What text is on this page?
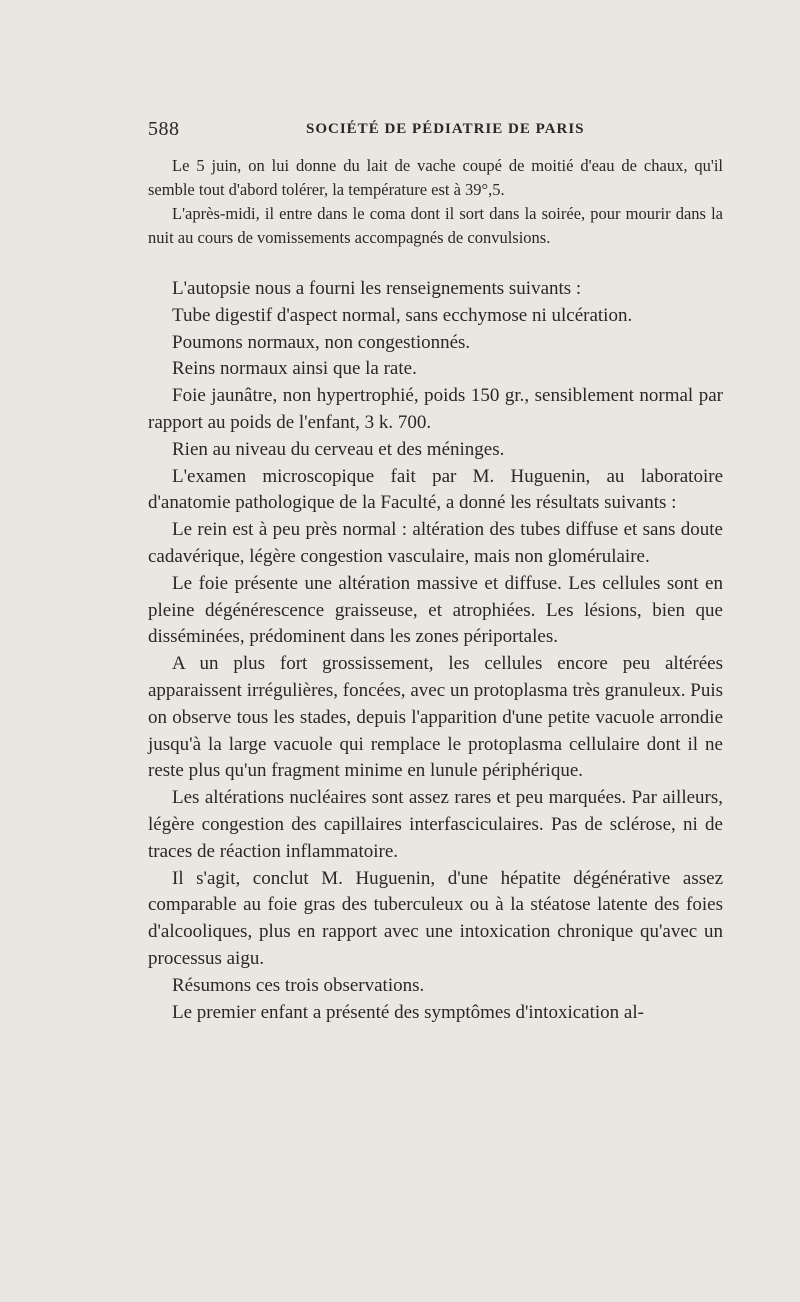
588	SOCIÉTÉ DE PÉDIATRIE DE PARIS

Le 5 juin, on lui donne du lait de vache coupé de moitié d'eau de chaux, qu'il semble tout d'abord tolérer, la température est à 39°,5.

L'après-midi, il entre dans le coma dont il sort dans la soirée, pour mourir dans la nuit au cours de vomissements accompagnés de convulsions.

L'autopsie nous a fourni les renseignements suivants :

Tube digestif d'aspect normal, sans ecchymose ni ulcération.

Poumons normaux, non congestionnés.

Reins normaux ainsi que la rate.

Foie jaunâtre, non hypertrophié, poids 150 gr., sensiblement normal par rapport au poids de l'enfant, 3 k. 700.

Rien au niveau du cerveau et des méninges.

L'examen microscopique fait par M. Huguenin, au laboratoire d'anatomie pathologique de la Faculté, a donné les résultats suivants :

Le rein est à peu près normal : altération des tubes diffuse et sans doute cadavérique, légère congestion vasculaire, mais non glomérulaire.

Le foie présente une altération massive et diffuse. Les cellules sont en pleine dégénérescence graisseuse, et atrophiées. Les lésions, bien que disséminées, prédominent dans les zones périportales.

A un plus fort grossissement, les cellules encore peu altérées apparaissent irrégulières, foncées, avec un protoplasma très granuleux. Puis on observe tous les stades, depuis l'apparition d'une petite vacuole arrondie jusqu'à la large vacuole qui remplace le protoplasma cellulaire dont il ne reste plus qu'un fragment minime en lunule périphérique.

Les altérations nucléaires sont assez rares et peu marquées. Par ailleurs, légère congestion des capillaires interfasciculaires. Pas de sclérose, ni de traces de réaction inflammatoire.

Il s'agit, conclut M. Huguenin, d'une hépatite dégénérative assez comparable au foie gras des tuberculeux ou à la stéatose latente des foies d'alcooliques, plus en rapport avec une intoxication chronique qu'avec un processus aigu.

Résumons ces trois observations.

Le premier enfant a présenté des symptômes d'intoxication al-
